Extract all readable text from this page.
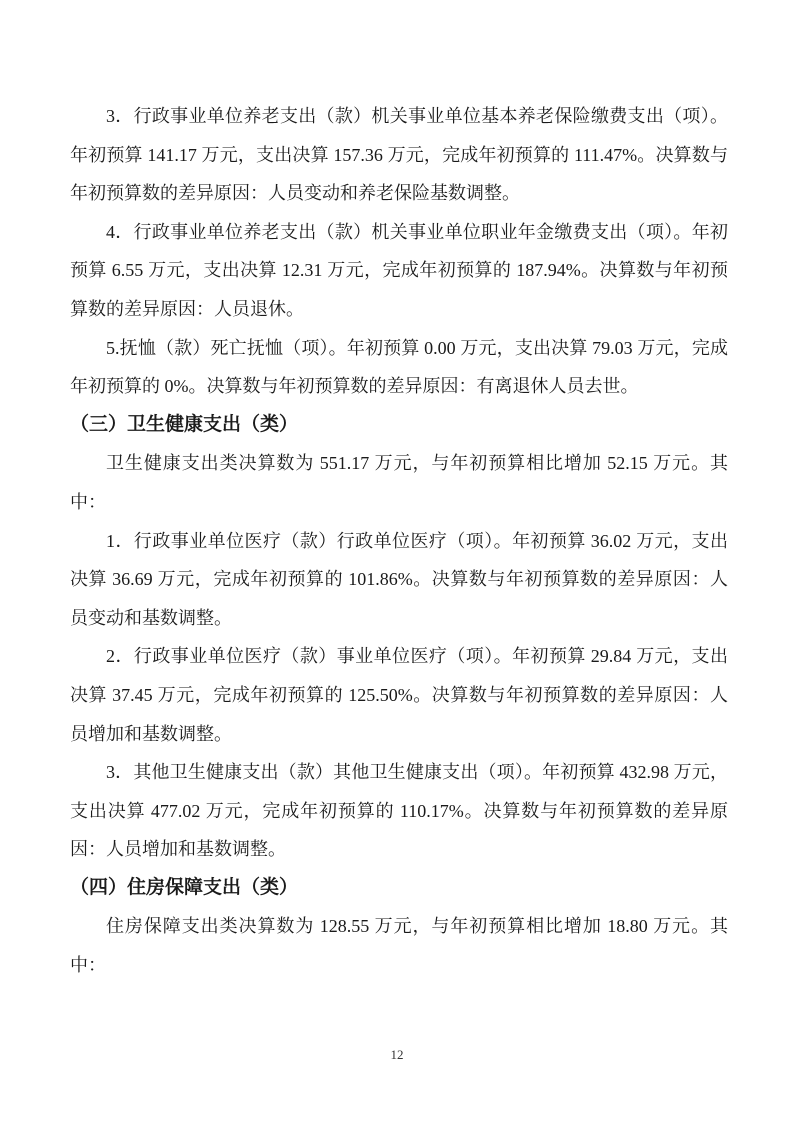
3．行政事业单位养老支出（款）机关事业单位基本养老保险缴费支出（项）。年初预算 141.17 万元，支出决算 157.36 万元，完成年初预算的 111.47%。决算数与年初预算数的差异原因：人员变动和养老保险基数调整。
4．行政事业单位养老支出（款）机关事业单位职业年金缴费支出（项）。年初预算 6.55 万元，支出决算 12.31 万元，完成年初预算的 187.94%。决算数与年初预算数的差异原因：人员退休。
5.抚恤（款）死亡抚恤（项）。年初预算 0.00 万元，支出决算 79.03 万元，完成年初预算的 0%。决算数与年初预算数的差异原因：有离退休人员去世。
（三）卫生健康支出（类）
卫生健康支出类决算数为 551.17 万元，与年初预算相比增加 52.15 万元。其中：
1．行政事业单位医疗（款）行政单位医疗（项）。年初预算 36.02 万元，支出决算 36.69 万元，完成年初预算的 101.86%。决算数与年初预算数的差异原因：人员变动和基数调整。
2．行政事业单位医疗（款）事业单位医疗（项）。年初预算 29.84 万元，支出决算 37.45 万元，完成年初预算的 125.50%。决算数与年初预算数的差异原因：人员增加和基数调整。
3．其他卫生健康支出（款）其他卫生健康支出（项）。年初预算 432.98 万元，支出决算 477.02 万元，完成年初预算的 110.17%。决算数与年初预算数的差异原因：人员增加和基数调整。
（四）住房保障支出（类）
住房保障支出类决算数为 128.55 万元，与年初预算相比增加 18.80 万元。其中：
12
